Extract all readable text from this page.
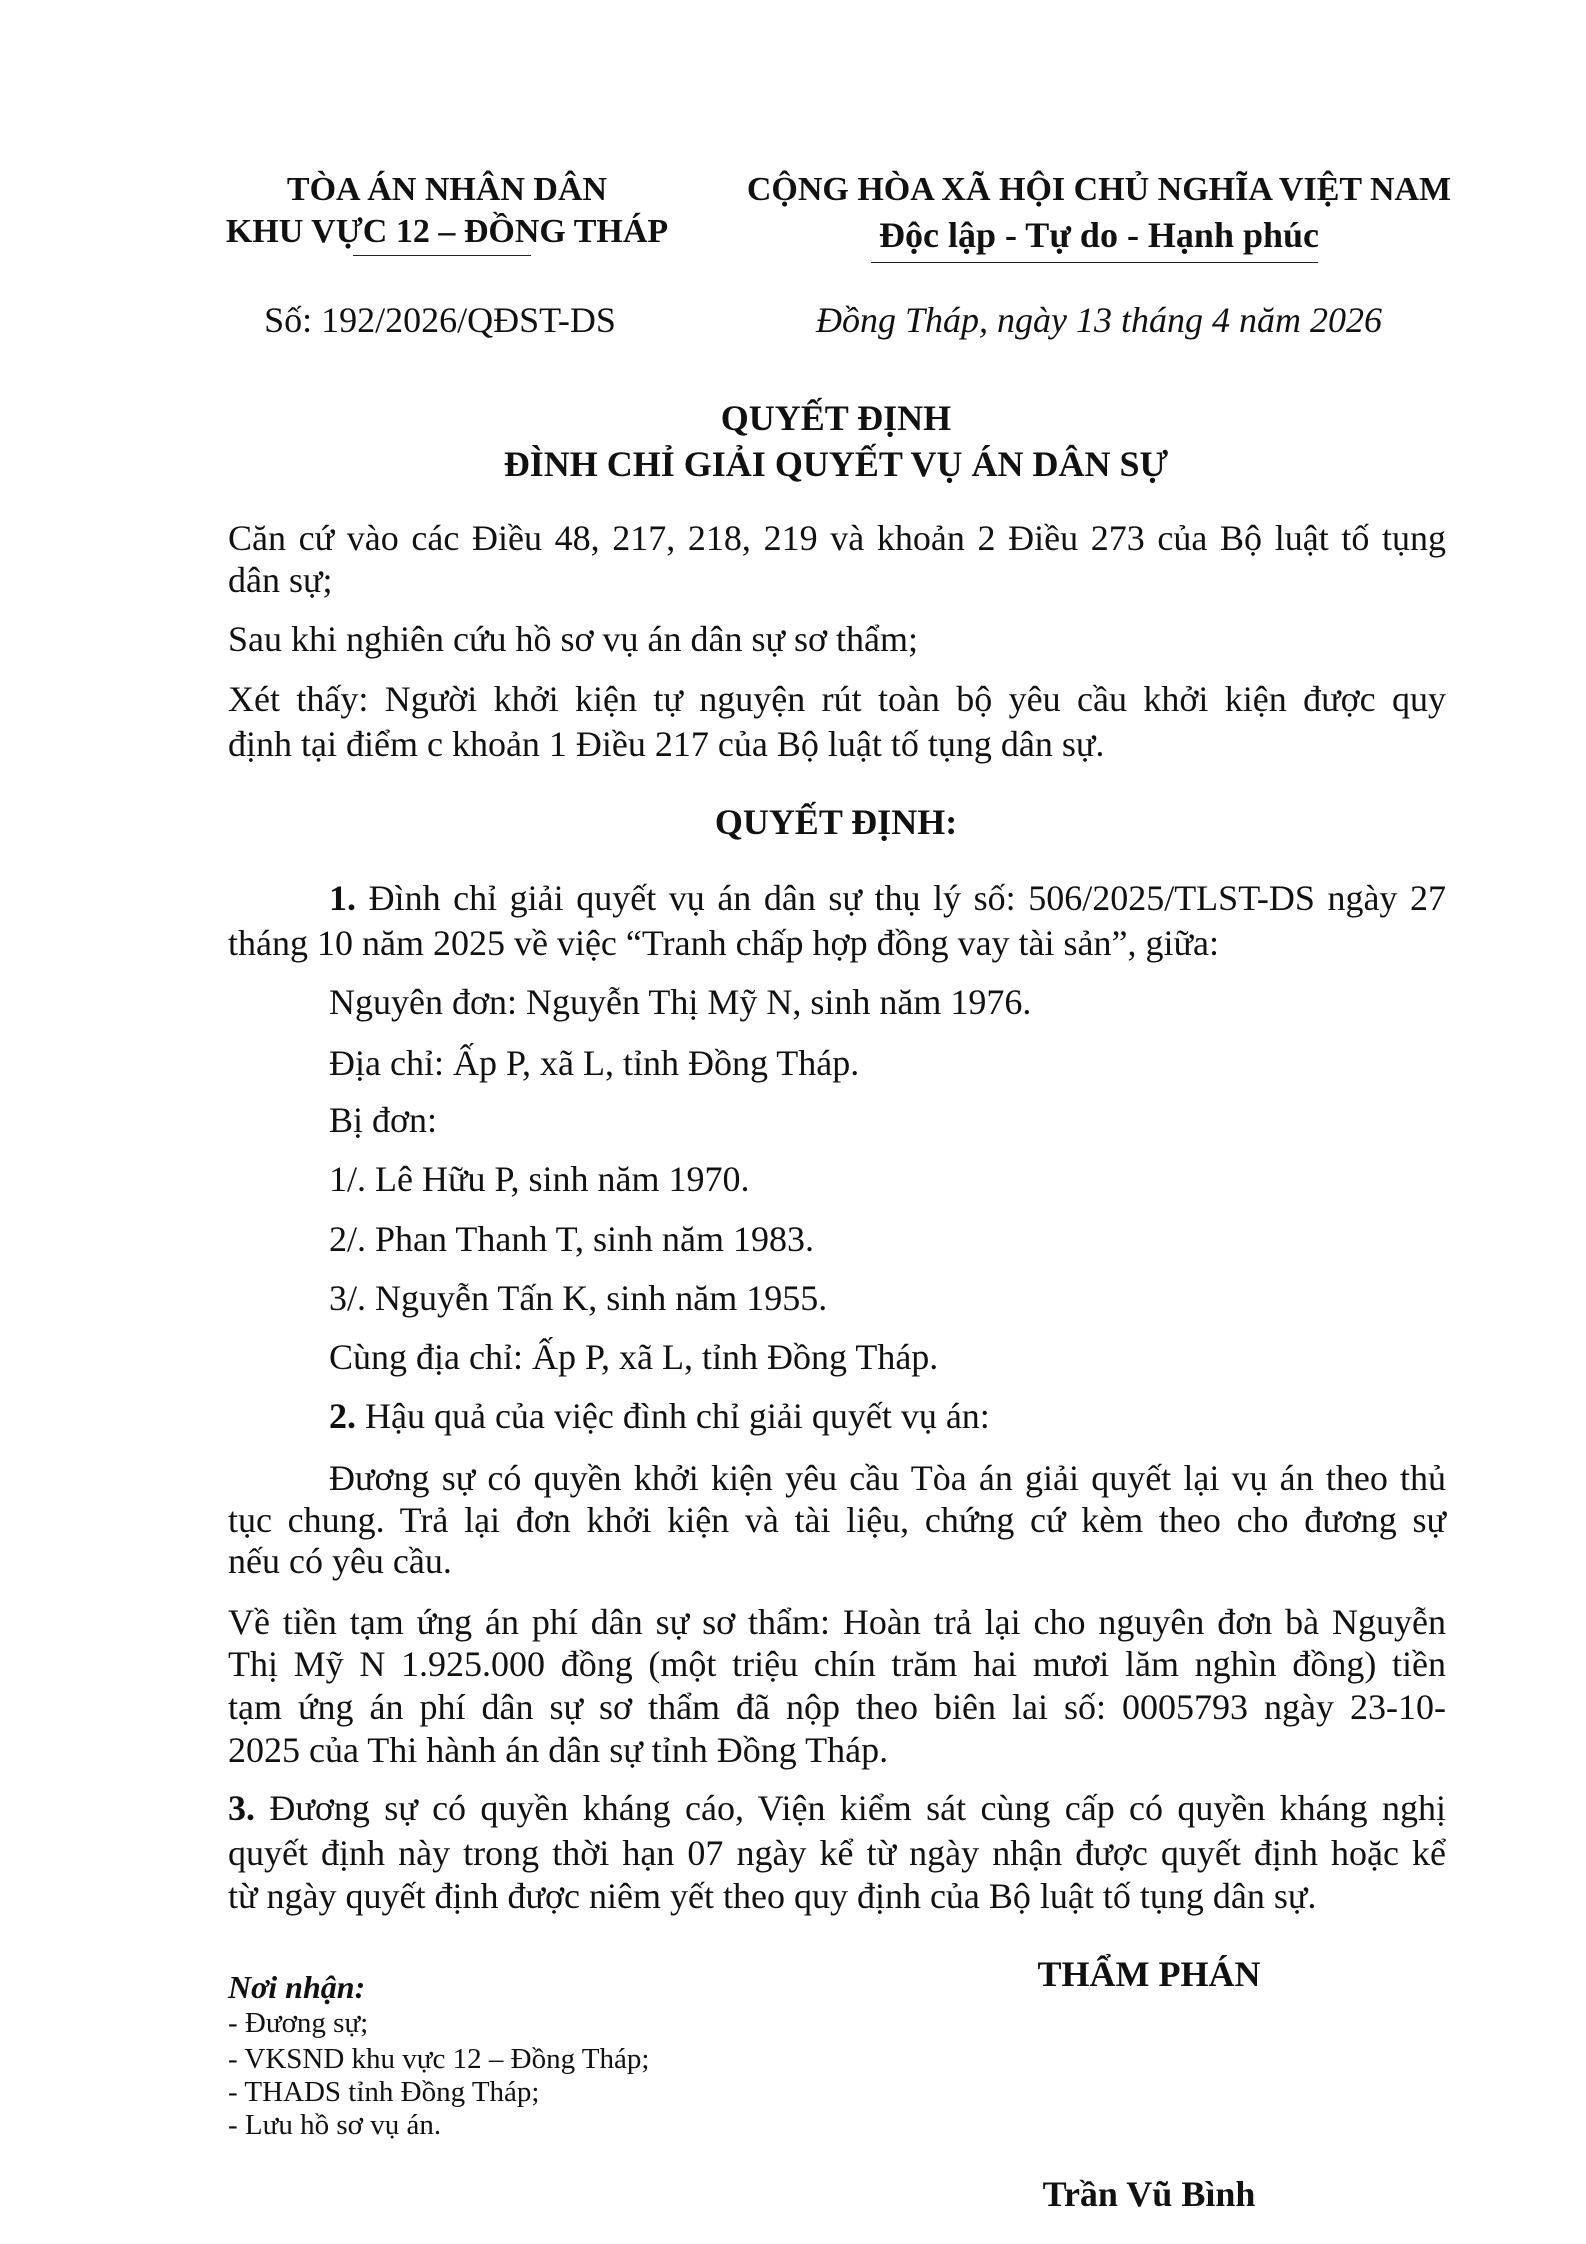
TÒA ÁN NHÂN DÂN
KHU VỰC 12 – ĐỒNG THÁP
CỘNG HÒA XÃ HỘI CHỦ NGHĨA VIỆT NAM
Độc lập - Tự do - Hạnh phúc
Số: 192/2026/QĐST-DS	Đồng Tháp, ngày 13 tháng 4 năm 2026
QUYẾT ĐỊNH
ĐÌNH CHỈ GIẢI QUYẾT VỤ ÁN DÂN SỰ
Căn cứ vào các Điều 48, 217, 218, 219 và khoản 2 Điều 273 của Bộ luật tố tụng
dân sự;
Sau khi nghiên cứu hồ sơ vụ án dân sự sơ thẩm;
Xét thấy: Người khởi kiện tự nguyện rút toàn bộ yêu cầu khởi kiện được quy
định tại điểm c khoản 1 Điều 217 của Bộ luật tố tụng dân sự.
QUYẾT ĐỊNH:
1. Đình chỉ giải quyết vụ án dân sự thụ lý số: 506/2025/TLST-DS ngày 27
tháng 10 năm 2025 về việc “Tranh chấp hợp đồng vay tài sản”, giữa:
Nguyên đơn: Nguyễn Thị Mỹ N, sinh năm 1976.
Địa chỉ: Ấp P, xã L, tỉnh Đồng Tháp.
Bị đơn:
1/. Lê Hữu P, sinh năm 1970.
2/. Phan Thanh T, sinh năm 1983.
3/. Nguyễn Tấn K, sinh năm 1955.
Cùng địa chỉ: Ấp P, xã L, tỉnh Đồng Tháp.
2. Hậu quả của việc đình chỉ giải quyết vụ án:
Đương sự có quyền khởi kiện yêu cầu Tòa án giải quyết lại vụ án theo thủ
tục chung. Trả lại đơn khởi kiện và tài liệu, chứng cứ kèm theo cho đương sự
nếu có yêu cầu.
Về tiền tạm ứng án phí dân sự sơ thẩm: Hoàn trả lại cho nguyên đơn bà Nguyễn
Thị Mỹ N 1.925.000 đồng (một triệu chín trăm hai mươi lăm nghìn đồng) tiền
tạm ứng án phí dân sự sơ thẩm đã nộp theo biên lai số: 0005793 ngày 23-10-
2025 của Thi hành án dân sự tỉnh Đồng Tháp.
3. Đương sự có quyền kháng cáo, Viện kiểm sát cùng cấp có quyền kháng nghị
quyết định này trong thời hạn 07 ngày kể từ ngày nhận được quyết định hoặc kể
từ ngày quyết định được niêm yết theo quy định của Bộ luật tố tụng dân sự.
Nơi nhận:
- Đương sự;
- VKSND khu vực 12 – Đồng Tháp;
- THADS tỉnh Đồng Tháp;
- Lưu hồ sơ vụ án.
THẨM PHÁN
Trần Vũ Bình
